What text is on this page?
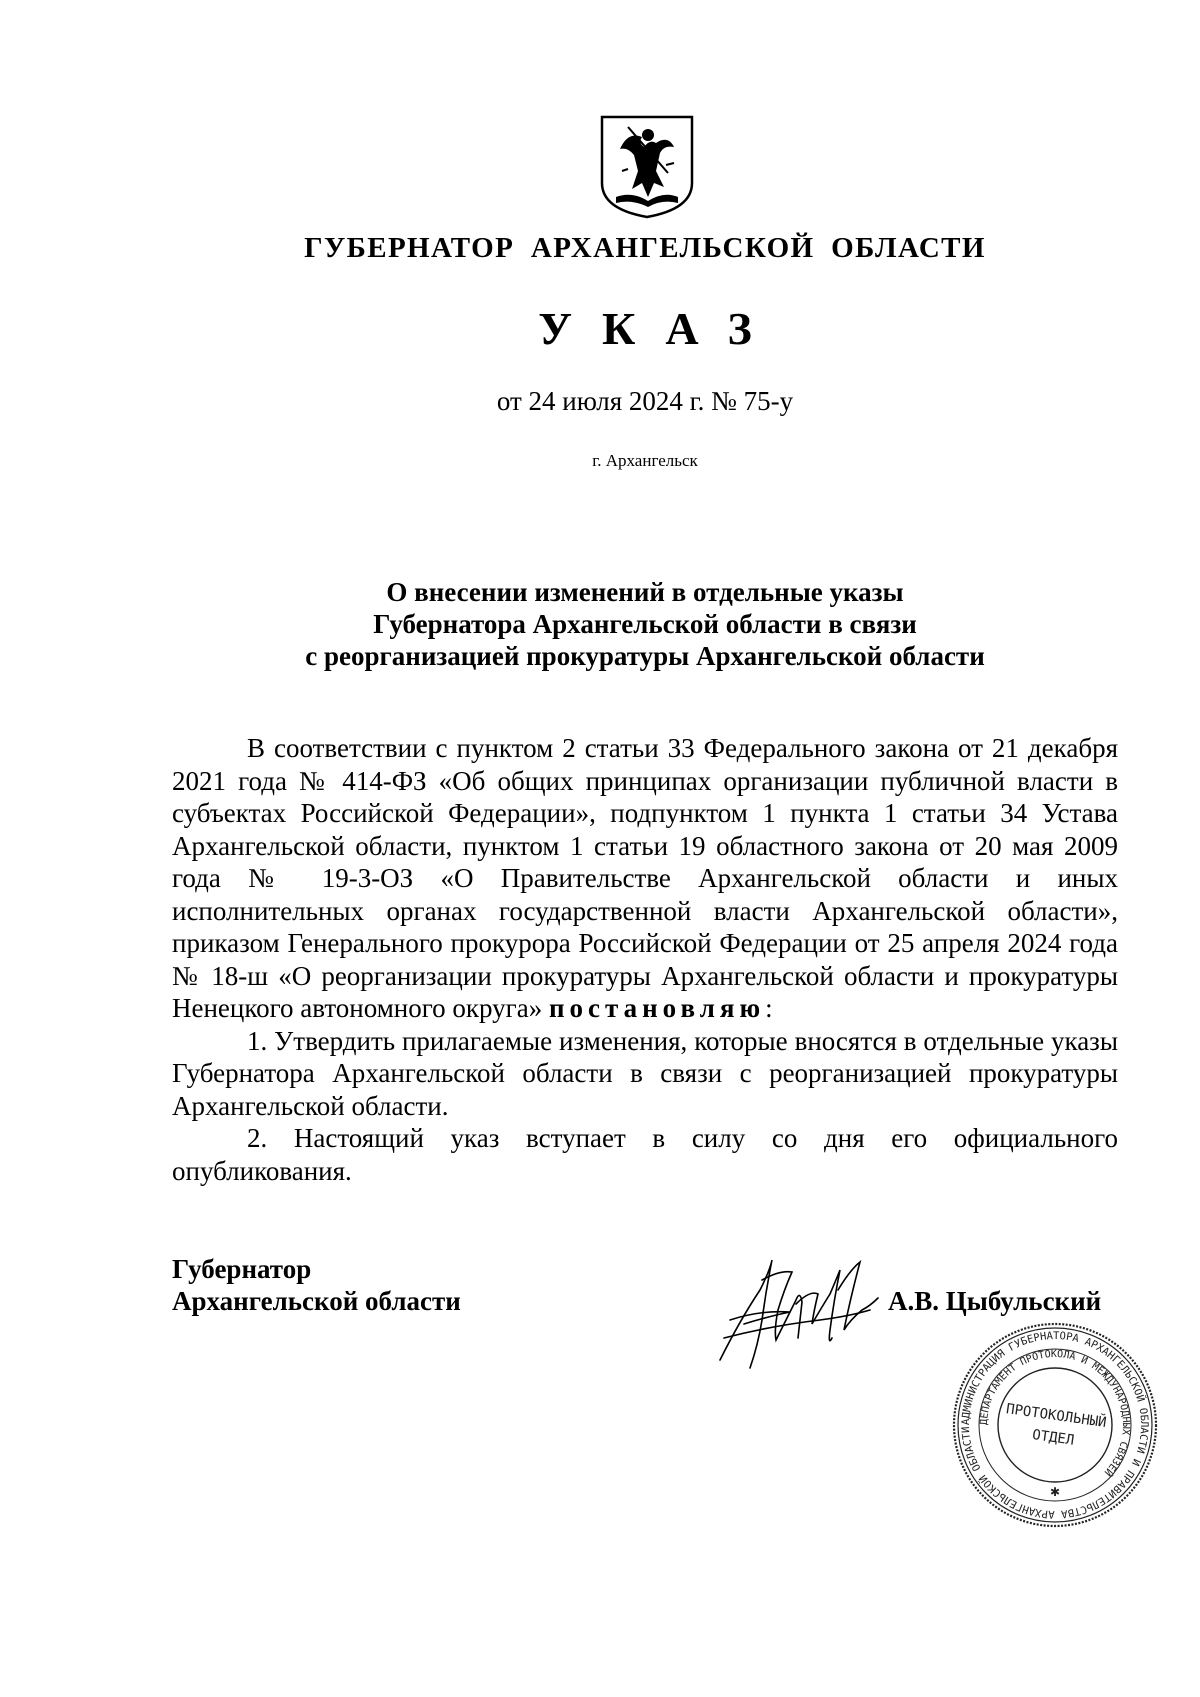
ГУБЕРНАТОР АРХАНГЕЛЬСКОЙ ОБЛАСТИ
УКАЗ
от 24 июля 2024 г. № 75-у
г. Архангельск
О внесении изменений в отдельные указы
Губернатора Архангельской области в связи
с реорганизацией прокуратуры Архангельской области

В соответствии с пунктом 2 статьи 33 Федерального закона от 21 декабря 2021 года № 414-ФЗ «Об общих принципах организации публичной власти в субъектах Российской Федерации», подпунктом 1 пункта 1 статьи 34 Устава Архангельской области, пунктом 1 статьи 19 областного закона от 20 мая 2009 года № 19-3-ОЗ «О Правительстве Архангельской области и иных исполнительных органах государственной власти Архангельской области», приказом Генерального прокурора Российской Федерации от 25 апреля 2024 года № 18-ш «О реорганизации прокуратуры Архангельской области и прокуратуры Ненецкого автономного округа» постановляю:

1. Утвердить прилагаемые изменения, которые вносятся в отдельные указы Губернатора Архангельской области в связи с реорганизацией прокуратуры Архангельской области.

2. Настоящий указ вступает в силу со дня его официального опубликования.

Губернатор
Архангельской области	А.В. Цыбульский
АДМИНИСТРАЦИЯ ГУБЕРНАТОРА АРХАНГЕЛЬСКОЙ ОБЛАСТИ И ПРАВИТЕЛЬСТВА АРХАНГЕЛЬСКОЙ ОБЛАСТИ
ДЕПАРТАМЕНТ ПРОТОКОЛА И МЕЖДУНАРОДНЫХ СВЯЗЕЙ
ПРОТОКОЛЬНЫЙ
ОТДЕЛ
✱
